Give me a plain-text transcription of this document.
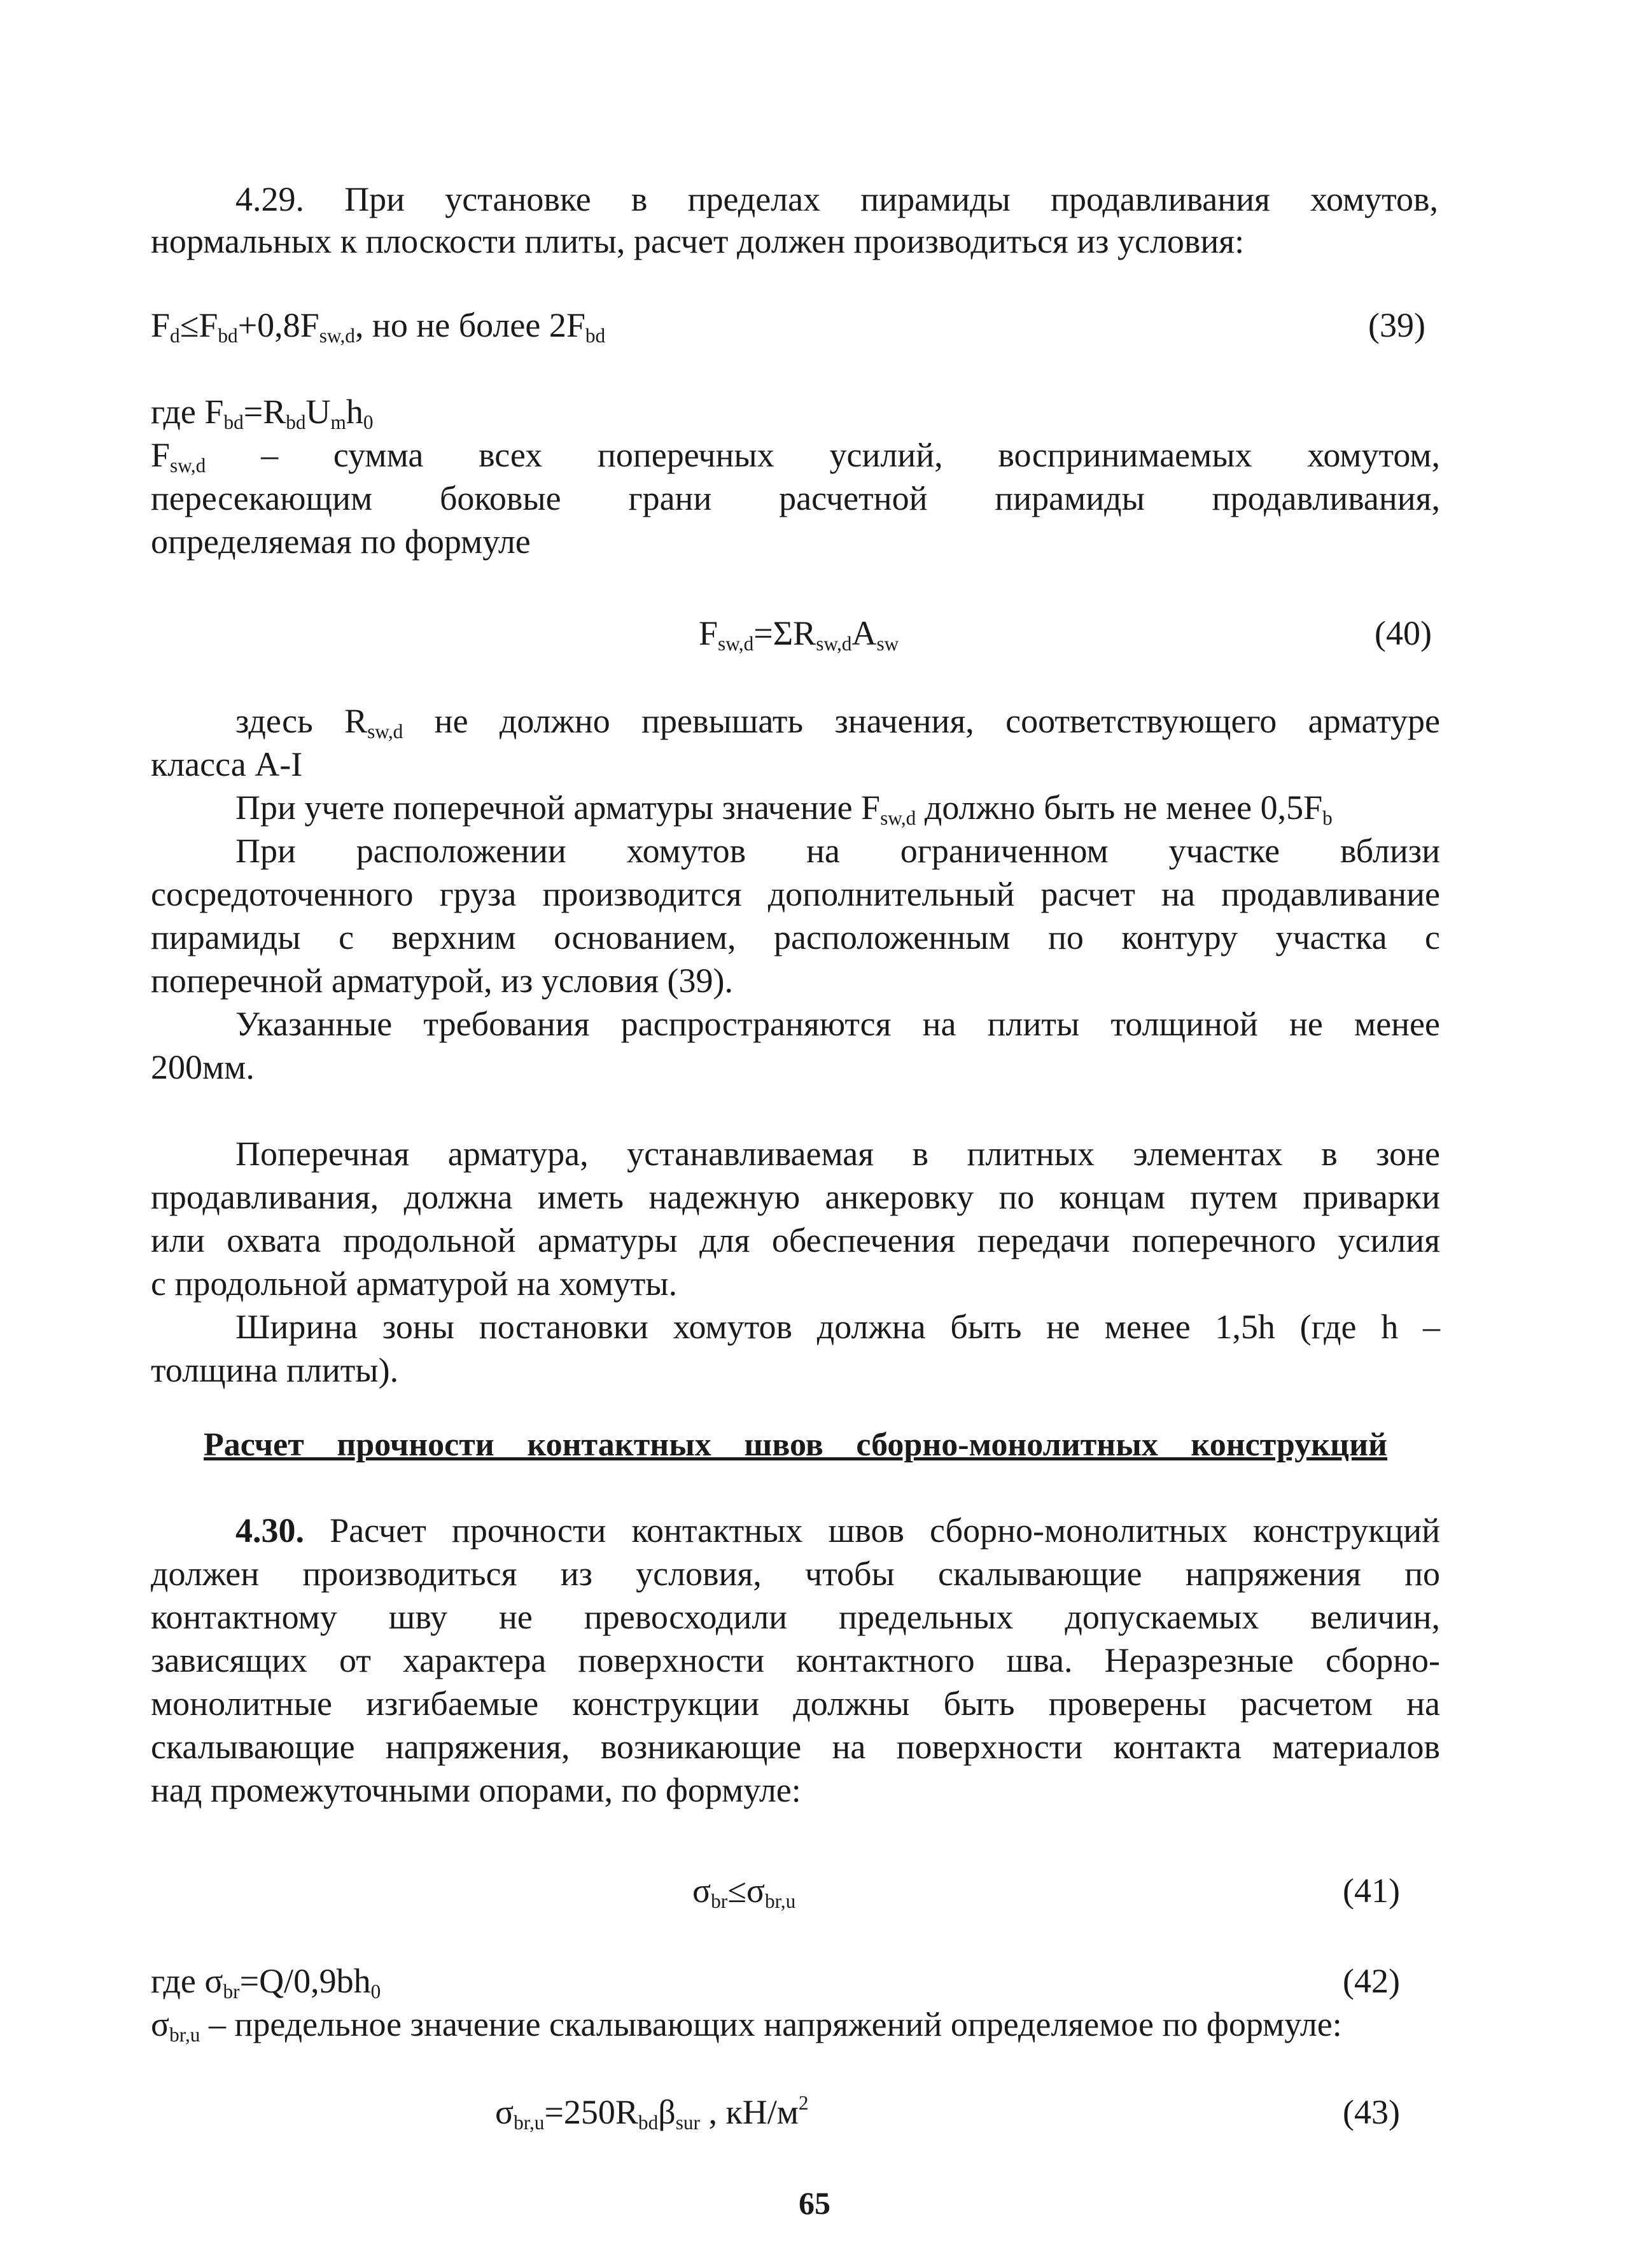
4.29. При установке в пределах пирамиды продавливания хомутов,
нормальных к плоскости плиты, расчет должен производиться из условия:
$F_d\le F_{bd}+0,8F_{sw,d}$, но не более $2F_{bd}$	(39)
где $F_{bd}=R_{bd}U_mh_0$
$F_{sw,d}$ – сумма всех поперечных усилий, воспринимаемых хомутом,
пересекающим боковые грани расчетной пирамиды продавливания,
определяемая по формуле
$F_{sw,d}=\Sigma R_{sw,d}A_{sw}$	(40)
здесь $R_{sw,d}$ не должно превышать значения, соответствующего арматуре
класса А-I
При учете поперечной арматуры значение $F_{sw,d}$ должно быть не менее $0,5F_b$
При расположении хомутов на ограниченном участке вблизи
сосредоточенного груза производится дополнительный расчет на продавливание
пирамиды с верхним основанием, расположенным по контуру участка с
поперечной арматурой, из условия (39).
Указанные требования распространяются на плиты толщиной не менее
200мм.
Поперечная арматура, устанавливаемая в плитных элементах в зоне
продавливания, должна иметь надежную анкеровку по концам путем приварки
или охвата продольной арматуры для обеспечения передачи поперечного усилия
с продольной арматурой на хомуты.
Ширина зоны постановки хомутов должна быть не менее 1,5h (где h –
толщина плиты).
Расчет прочности контактных швов сборно-монолитных конструкций
4.30. Расчет прочности контактных швов сборно-монолитных конструкций
должен производиться из условия, чтобы скалывающие напряжения по
контактному шву не превосходили предельных допускаемых величин,
зависящих от характера поверхности контактного шва. Неразрезные сборно-
монолитные изгибаемые конструкции должны быть проверены расчетом на
скалывающие напряжения, возникающие на поверхности контакта материалов
над промежуточными опорами, по формуле:
$\sigma_{br}\le\sigma_{br,u}$	(41)
где $\sigma_{br}=Q/0,9bh_0$	(42)
$\sigma_{br,u}$ – предельное значение скалывающих напряжений определяемое по формуле:
$\sigma_{br,u}=250R_{bd}\beta_{sur}$ , $кН/м^2$	(43)
65
